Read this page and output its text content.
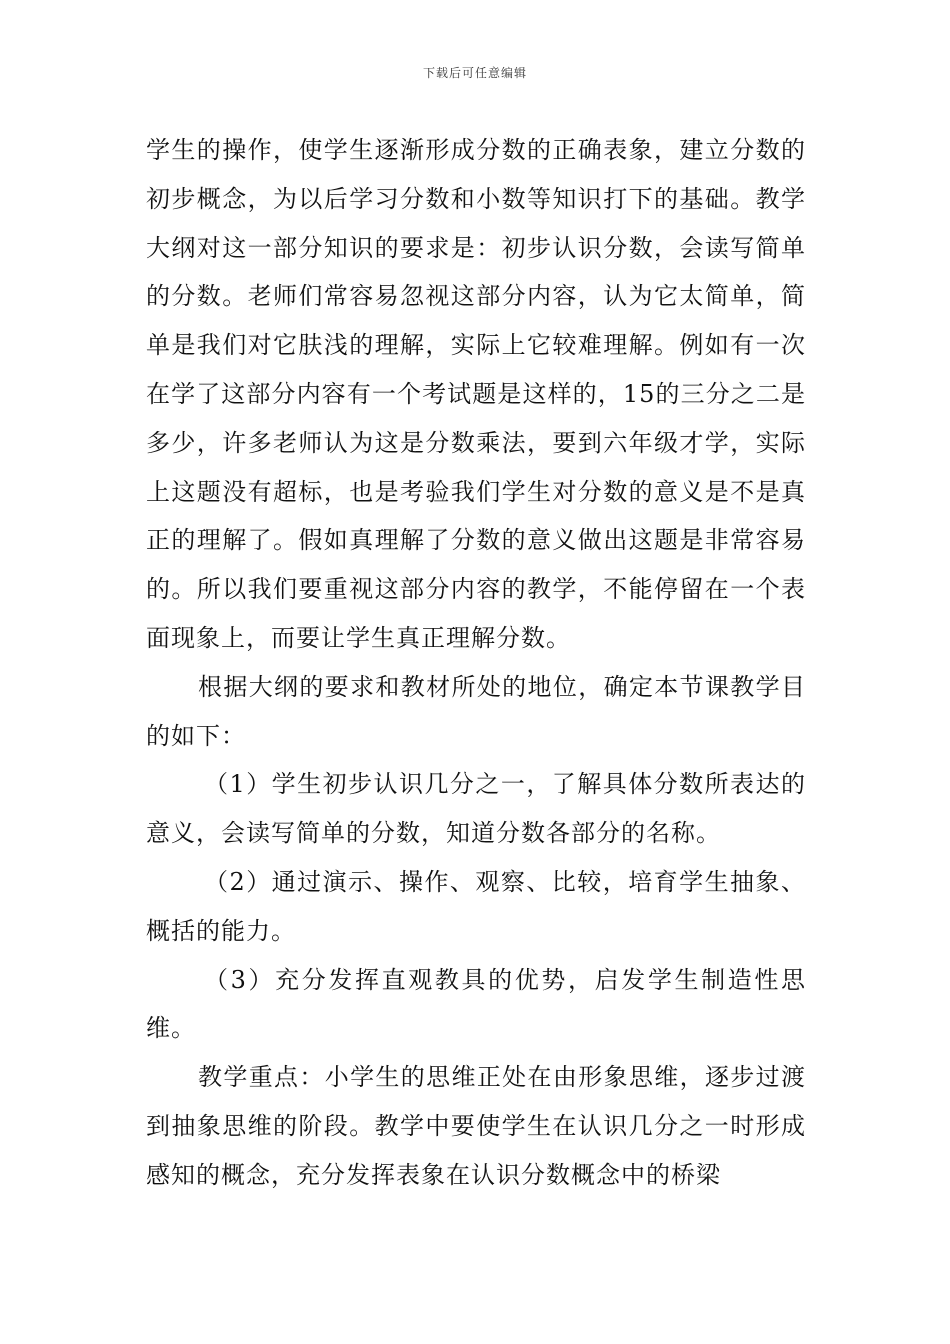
下载后可任意编辑

学生的操作，使学生逐渐形成分数的正确表象，建立分数的初步概念，为以后学习分数和小数等知识打下的基础。教学大纲对这一部分知识的要求是：初步认识分数，会读写简单的分数。老师们常容易忽视这部分内容，认为它太简单，简单是我们对它肤浅的理解，实际上它较难理解。例如有一次在学了这部分内容有一个考试题是这样的，15的三分之二是多少，许多老师认为这是分数乘法，要到六年级才学，实际上这题没有超标，也是考验我们学生对分数的意义是不是真正的理解了。假如真理解了分数的意义做出这题是非常容易的。所以我们要重视这部分内容的教学，不能停留在一个表面现象上，而要让学生真正理解分数。

根据大纲的要求和教材所处的地位，确定本节课教学目的如下：

（1）学生初步认识几分之一，了解具体分数所表达的意义，会读写简单的分数，知道分数各部分的名称。

（2）通过演示、操作、观察、比较，培育学生抽象、概括的能力。

（3）充分发挥直观教具的优势，启发学生制造性思维。

教学重点：小学生的思维正处在由形象思维，逐步过渡到抽象思维的阶段。教学中要使学生在认识几分之一时形成感知的概念，充分发挥表象在认识分数概念中的桥梁
